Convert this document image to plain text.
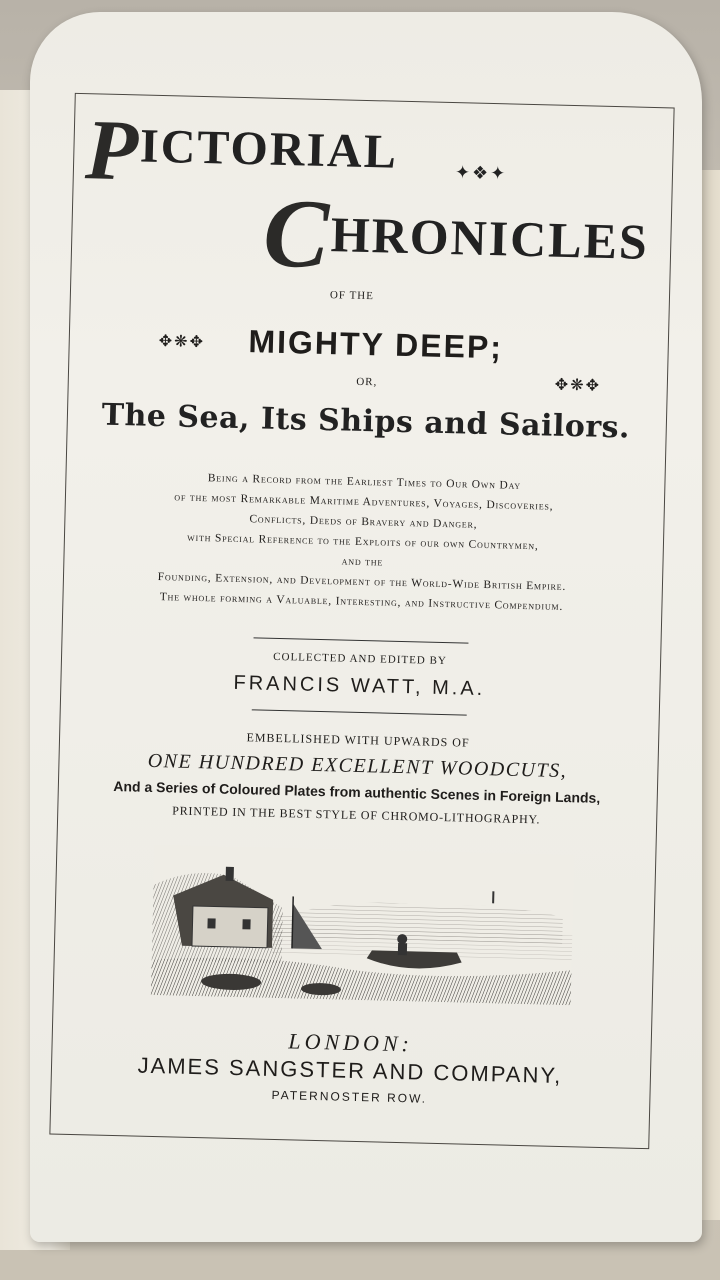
PICTORIAL	✦❖✦
CHRONICLES
OF THE
✥❋✥	MIGHTY DEEP;
✥❋✥
OR,
The Sea, Its Ships and Sailors.
Being a Record from the Earliest Times to Our Own Day
of the most Remarkable Maritime Adventures, Voyages, Discoveries,
Conflicts, Deeds of Bravery and Danger,
with Special Reference to the Exploits of our own Countrymen,
and the
Founding, Extension, and Development of the World-Wide British Empire.
The whole forming a Valuable, Interesting, and Instructive Compendium.
COLLECTED AND EDITED BY
FRANCIS WATT, M.A.
EMBELLISHED WITH UPWARDS OF
ONE HUNDRED EXCELLENT WOODCUTS,
And a Series of Coloured Plates from authentic Scenes in Foreign Lands,
PRINTED IN THE BEST STYLE OF CHROMO-LITHOGRAPHY.
LONDON:
JAMES SANGSTER AND COMPANY,
PATERNOSTER ROW.
